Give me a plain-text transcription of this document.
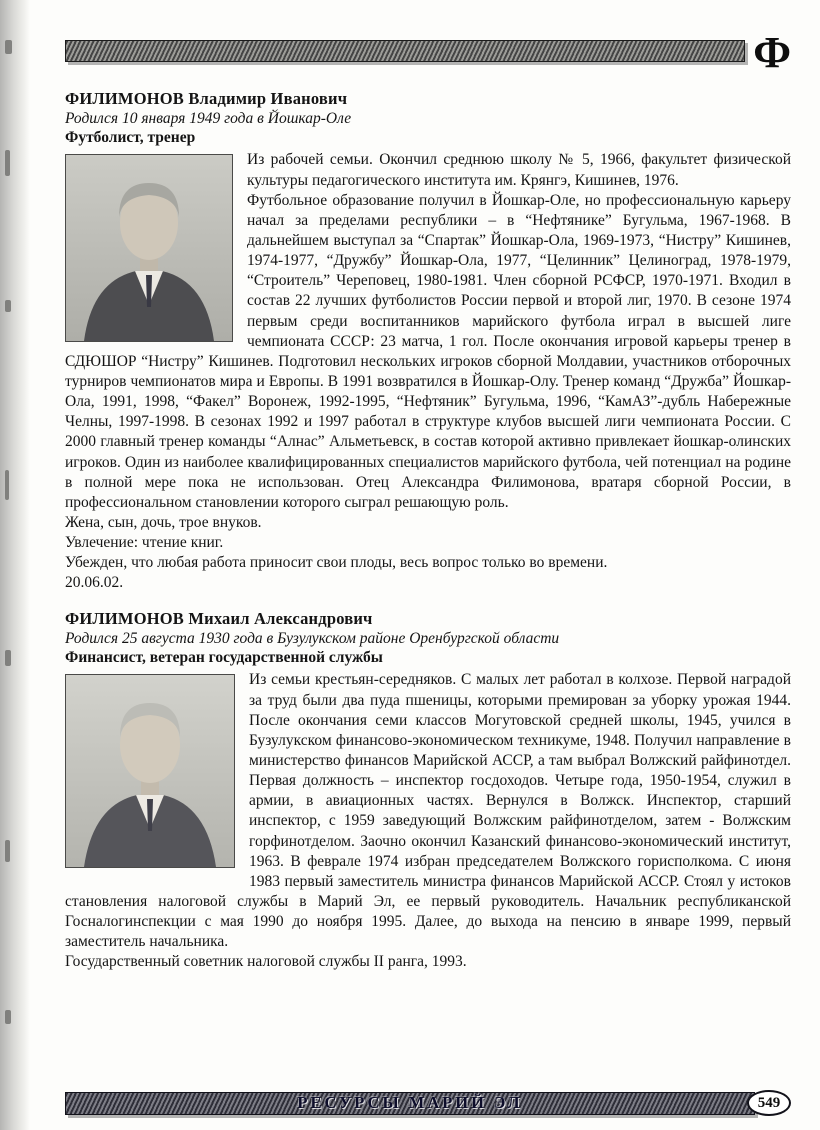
Ф
ФИЛИМОНОВ Владимир Иванович

Родился 10 января 1949 года в Йошкар-Оле

Футболист, тренер

Из рабочей семьи. Окончил среднюю школу № 5, 1966, факультет физической культуры педагогического института им. Крянгэ, Кишинев, 1976.

Футбольное образование получил в Йошкар-Оле, но профессиональную карьеру начал за пределами республики – в “Нефтянике” Бугульма, 1967-1968. В дальнейшем выступал за “Спартак” Йошкар-Ола, 1969-1973, “Нистру” Кишинев, 1974-1977, “Дружбу” Йошкар-Ола, 1977, “Целинник” Целиноград, 1978-1979, “Строитель” Череповец, 1980-1981. Член сборной РСФСР, 1970-1971. Входил в состав 22 лучших футболистов России первой и второй лиг, 1970. В сезоне 1974 первым среди воспитанников марийского футбола играл в высшей лиге чемпионата СССР: 23 матча, 1 гол. После окончания игровой карьеры тренер в СДЮШОР “Нистру” Кишинев. Подготовил нескольких игроков сборной Молдавии, участников отборочных турниров чемпионатов мира и Европы. В 1991 возвратился в Йошкар-Олу. Тренер команд “Дружба” Йошкар-Ола, 1991, 1998, “Факел” Воронеж, 1992-1995, “Нефтяник” Бугульма, 1996, “КамАЗ”-дубль Набережные Челны, 1997-1998. В сезонах 1992 и 1997 работал в структуре клубов высшей лиги чемпионата России. С 2000 главный тренер команды “Алнас” Альметьевск, в состав которой активно привлекает йошкар-олинских игроков. Один из наиболее квалифицированных специалистов марийского футбола, чей потенциал на родине в полной мере пока не использован. Отец Александра Филимонова, вратаря сборной России, в профессиональном становлении которого сыграл решающую роль.

Жена, сын, дочь, трое внуков.

Увлечение: чтение книг.

Убежден, что любая работа приносит свои плоды, весь вопрос только во времени.

20.06.02.

ФИЛИМОНОВ Михаил Александрович

Родился 25 августа 1930 года в Бузулукском районе Оренбургской области

Финансист, ветеран государственной службы

Из семьи крестьян-середняков. С малых лет работал в колхозе. Первой наградой за труд были два пуда пшеницы, которыми премирован за уборку урожая 1944. После окончания семи классов Могутовской средней школы, 1945, учился в Бузулукском финансово-экономическом техникуме, 1948. Получил направление в министерство финансов Марийской АССР, а там выбрал Волжский райфинотдел. Первая должность – инспектор госдоходов. Четыре года, 1950-1954, служил в армии, в авиационных частях. Вернулся в Волжск. Инспектор, старший инспектор, с 1959 заведующий Волжским райфинотделом, затем - Волжским горфинотделом. Заочно окончил Казанский финансово-экономический институт, 1963. В феврале 1974 избран председателем Волжского горисполкома. С июня 1983 первый заместитель министра финансов Марийской АССР. Стоял у истоков становления налоговой службы в Марий Эл, ее первый руководитель. Начальник республиканской Госналогинспекции с мая 1990 до ноября 1995. Далее, до выхода на пенсию в январе 1999, первый заместитель начальника.

Государственный советник налоговой службы II ранга, 1993.

РЕСУРСЫ МАРИЙ ЭЛ	549
